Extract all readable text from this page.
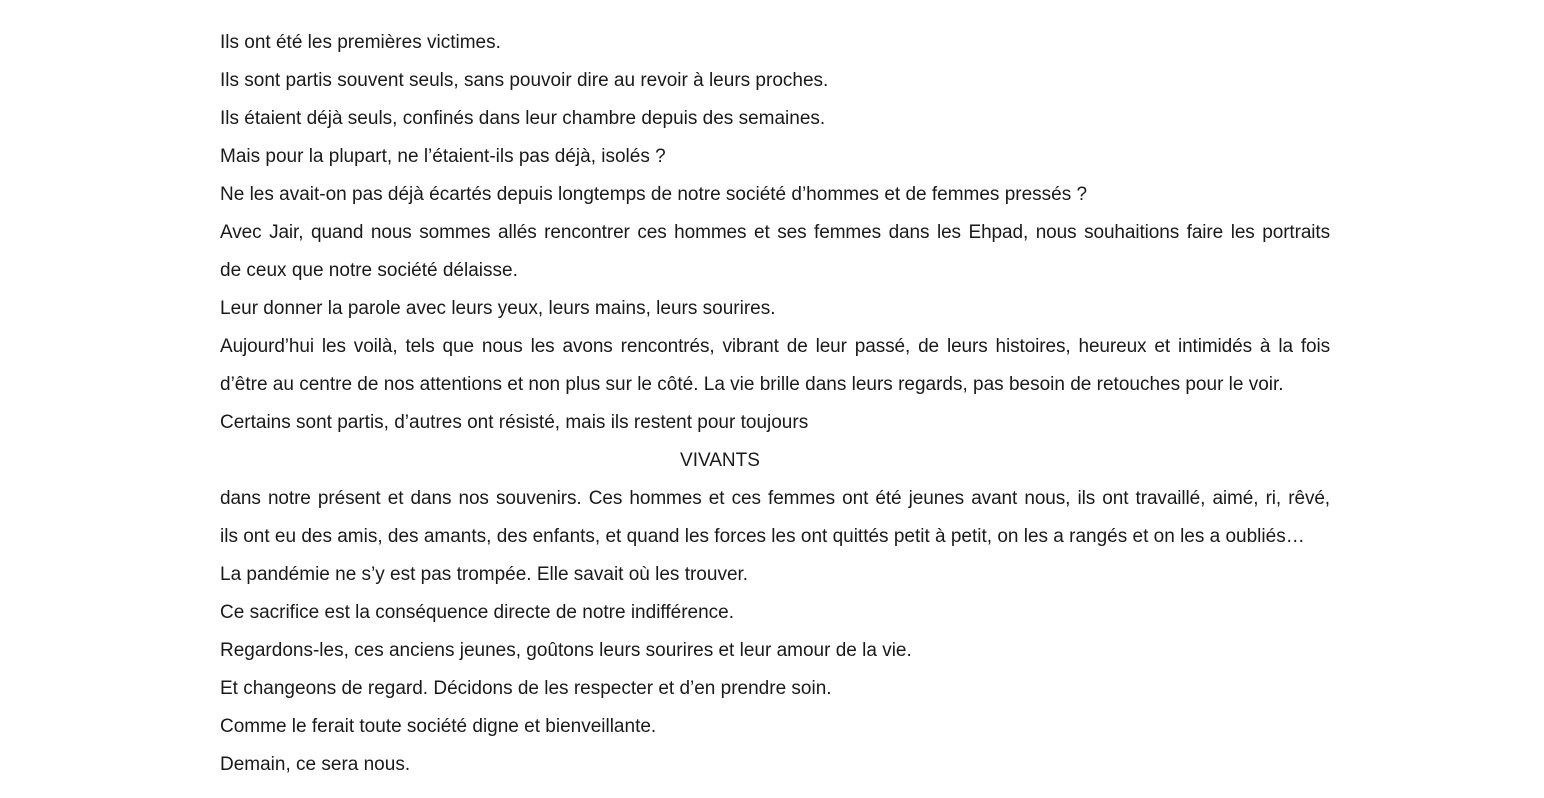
Ils ont été les premières victimes.
Ils sont partis souvent seuls, sans pouvoir dire au revoir à leurs proches.
Ils étaient déjà seuls, confinés dans leur chambre depuis des semaines.
Mais pour la plupart, ne l’étaient-ils pas déjà, isolés ?
Ne les avait-on pas déjà écartés depuis longtemps de notre société d’hommes et de femmes pressés ?
Avec Jair, quand nous sommes allés rencontrer ces hommes et ses femmes dans les Ehpad, nous souhaitions faire les portraits
de ceux que notre société délaisse.
Leur donner la parole avec leurs yeux, leurs mains, leurs sourires.
Aujourd’hui les voilà, tels que nous les avons rencontrés, vibrant de leur passé, de leurs histoires, heureux et intimidés à la fois
d’être au centre de nos attentions et non plus sur le côté. La vie brille dans leurs regards, pas besoin de retouches pour le voir.
Certains sont partis, d’autres ont résisté, mais ils restent pour toujours
VIVANTS
dans notre présent et dans nos souvenirs. Ces hommes et ces femmes ont été jeunes avant nous, ils ont travaillé, aimé, ri, rêvé,
ils ont eu des amis, des amants, des enfants, et quand les forces les ont quittés petit à petit, on les a rangés et on les a oubliés…
La pandémie ne s’y est pas trompée. Elle savait où les trouver.
Ce sacrifice est la conséquence directe de notre indifférence.
Regardons-les, ces anciens jeunes, goûtons leurs sourires et leur amour de la vie.
Et changeons de regard. Décidons de les respecter et d’en prendre soin.
Comme le ferait toute société digne et bienveillante.
Demain, ce sera nous.
